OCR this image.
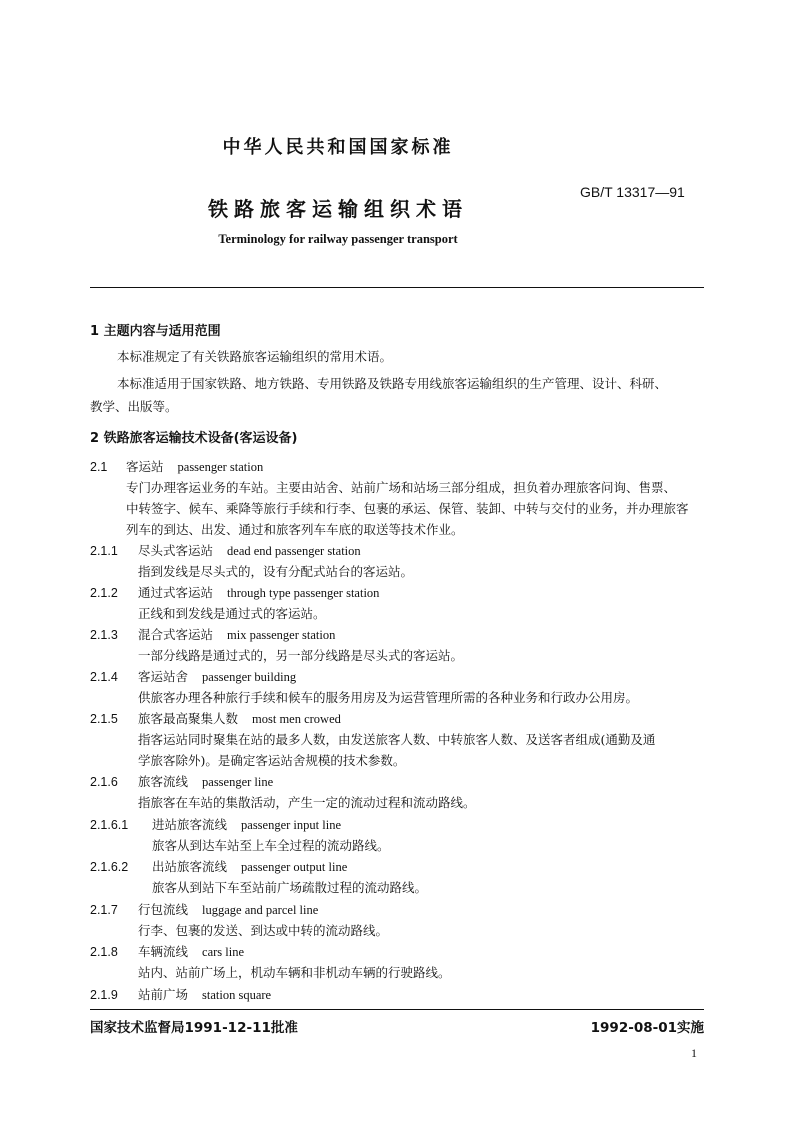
中华人民共和国国家标准
铁路旅客运输组织术语
GB/T 13317—91
Terminology for railway passenger transport
1 主题内容与适用范围
本标准规定了有关铁路旅客运输组织的常用术语。
本标准适用于国家铁路、地方铁路、专用铁路及铁路专用线旅客运输组织的生产管理、设计、科研、
教学、出版等。
2 铁路旅客运输技术设备(客运设备)
2.1 客运站 passenger station
专门办理客运业务的车站。主要由站舍、站前广场和站场三部分组成，担负着办理旅客问询、售票、
中转签字、候车、乘降等旅行手续和行李、包裹的承运、保管、装卸、中转与交付的业务，并办理旅客
列车的到达、出发、通过和旅客列车车底的取送等技术作业。
2.1.1 尽头式客运站 dead end passenger station
指到发线是尽头式的，设有分配式站台的客运站。
2.1.2 通过式客运站 through type passenger station
正线和到发线是通过式的客运站。
2.1.3 混合式客运站 mix passenger station
一部分线路是通过式的，另一部分线路是尽头式的客运站。
2.1.4 客运站舍 passenger building
供旅客办理各种旅行手续和候车的服务用房及为运营管理所需的各种业务和行政办公用房。
2.1.5 旅客最高聚集人数 most men crowed
指客运站同时聚集在站的最多人数，由发送旅客人数、中转旅客人数、及送客者组成(通勤及通
学旅客除外)。是确定客运站舍规模的技术参数。
2.1.6 旅客流线 passenger line
指旅客在车站的集散活动，产生一定的流动过程和流动路线。
2.1.6.1 进站旅客流线 passenger input line
旅客从到达车站至上车全过程的流动路线。
2.1.6.2 出站旅客流线 passenger output line
旅客从到站下车至站前广场疏散过程的流动路线。
2.1.7 行包流线 luggage and parcel line
行李、包裹的发送、到达或中转的流动路线。
2.1.8 车辆流线 cars line
站内、站前广场上，机动车辆和非机动车辆的行驶路线。
2.1.9 站前广场 station square
国家技术监督局1991-12-11批准	1992-08-01实施
1
